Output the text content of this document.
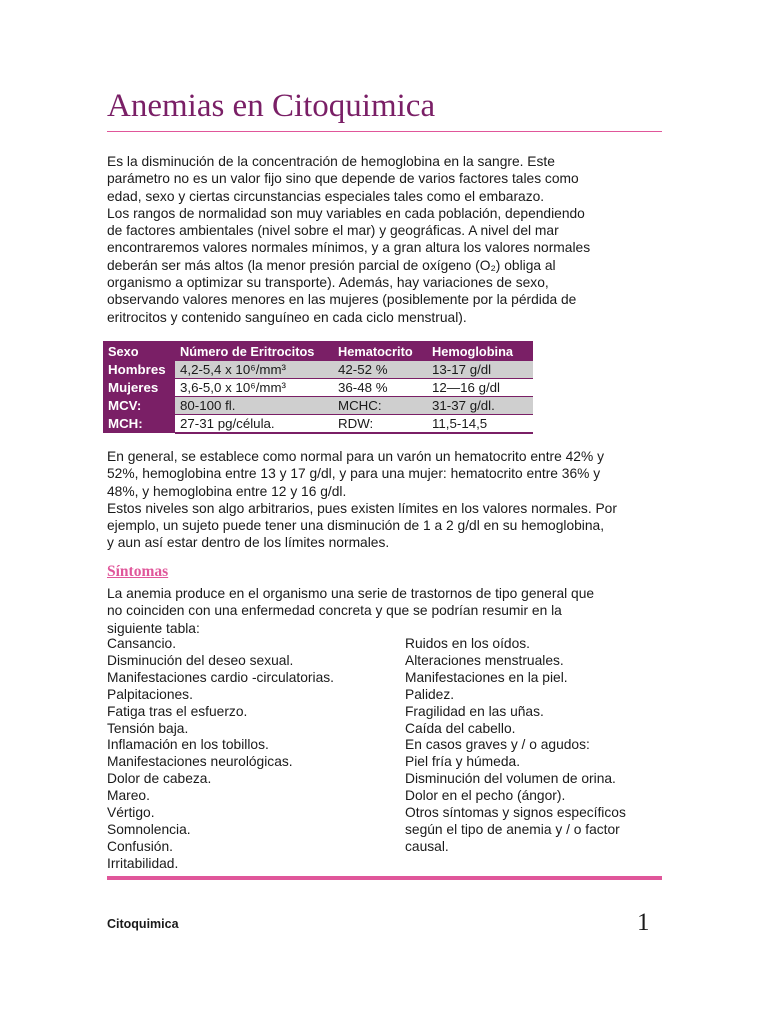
Anemias en Citoquimica

Es la disminución de la concentración de hemoglobina en la sangre. Este
parámetro no es un valor fijo sino que depende de varios factores tales como
edad, sexo y ciertas circunstancias especiales tales como el embarazo.
Los rangos de normalidad son muy variables en cada población, dependiendo
de factores ambientales (nivel sobre el mar) y geográficas. A nivel del mar
encontraremos valores normales mínimos, y a gran altura los valores normales
deberán ser más altos (la menor presión parcial de oxígeno (O₂) obliga al
organismo a optimizar su transporte). Además, hay variaciones de sexo,
observando valores menores en las mujeres (posiblemente por la pérdida de
eritrocitos y contenido sanguíneo en cada ciclo menstrual).

Sexo	Número de Eritrocitos	Hematocrito	Hemoglobina
Hombres	4,2-5,4 x 10⁶/mm³	42-52 %	13-17 g/dl
Mujeres	3,6-5,0 x 10⁶/mm³	36-48 %	12—16 g/dl
MCV:	80-100 fl.	MCHC:	31-37 g/dl.
MCH:	27-31 pg/célula.	RDW:	11,5-14,5

En general, se establece como normal para un varón un hematocrito entre 42% y
52%, hemoglobina entre 13 y 17 g/dl, y para una mujer: hematocrito entre 36% y
48%, y hemoglobina entre 12 y 16 g/dl.
Estos niveles son algo arbitrarios, pues existen límites en los valores normales. Por
ejemplo, un sujeto puede tener una disminución de 1 a 2 g/dl en su hemoglobina,
y aun así estar dentro de los límites normales.

Síntomas

La anemia produce en el organismo una serie de trastornos de tipo general que
no coinciden con una enfermedad concreta y que se podrían resumir en la
siguiente tabla:

Cansancio.
Disminución del deseo sexual.
Manifestaciones cardio -circulatorias.
Palpitaciones.
Fatiga tras el esfuerzo.
Tensión baja.
Inflamación en los tobillos.
Manifestaciones neurológicas.
Dolor de cabeza.
Mareo.
Vértigo.
Somnolencia.
Confusión.
Irritabilidad.
Ruidos en los oídos.
Alteraciones menstruales.
Manifestaciones en la piel.
Palidez.
Fragilidad en las uñas.
Caída del cabello.
En casos graves y / o agudos:
Piel fría y húmeda.
Disminución del volumen de orina.
Dolor en el pecho (ángor).
Otros síntomas y signos específicos
según el tipo de anemia y / o factor
causal.
Citoquimica	1
